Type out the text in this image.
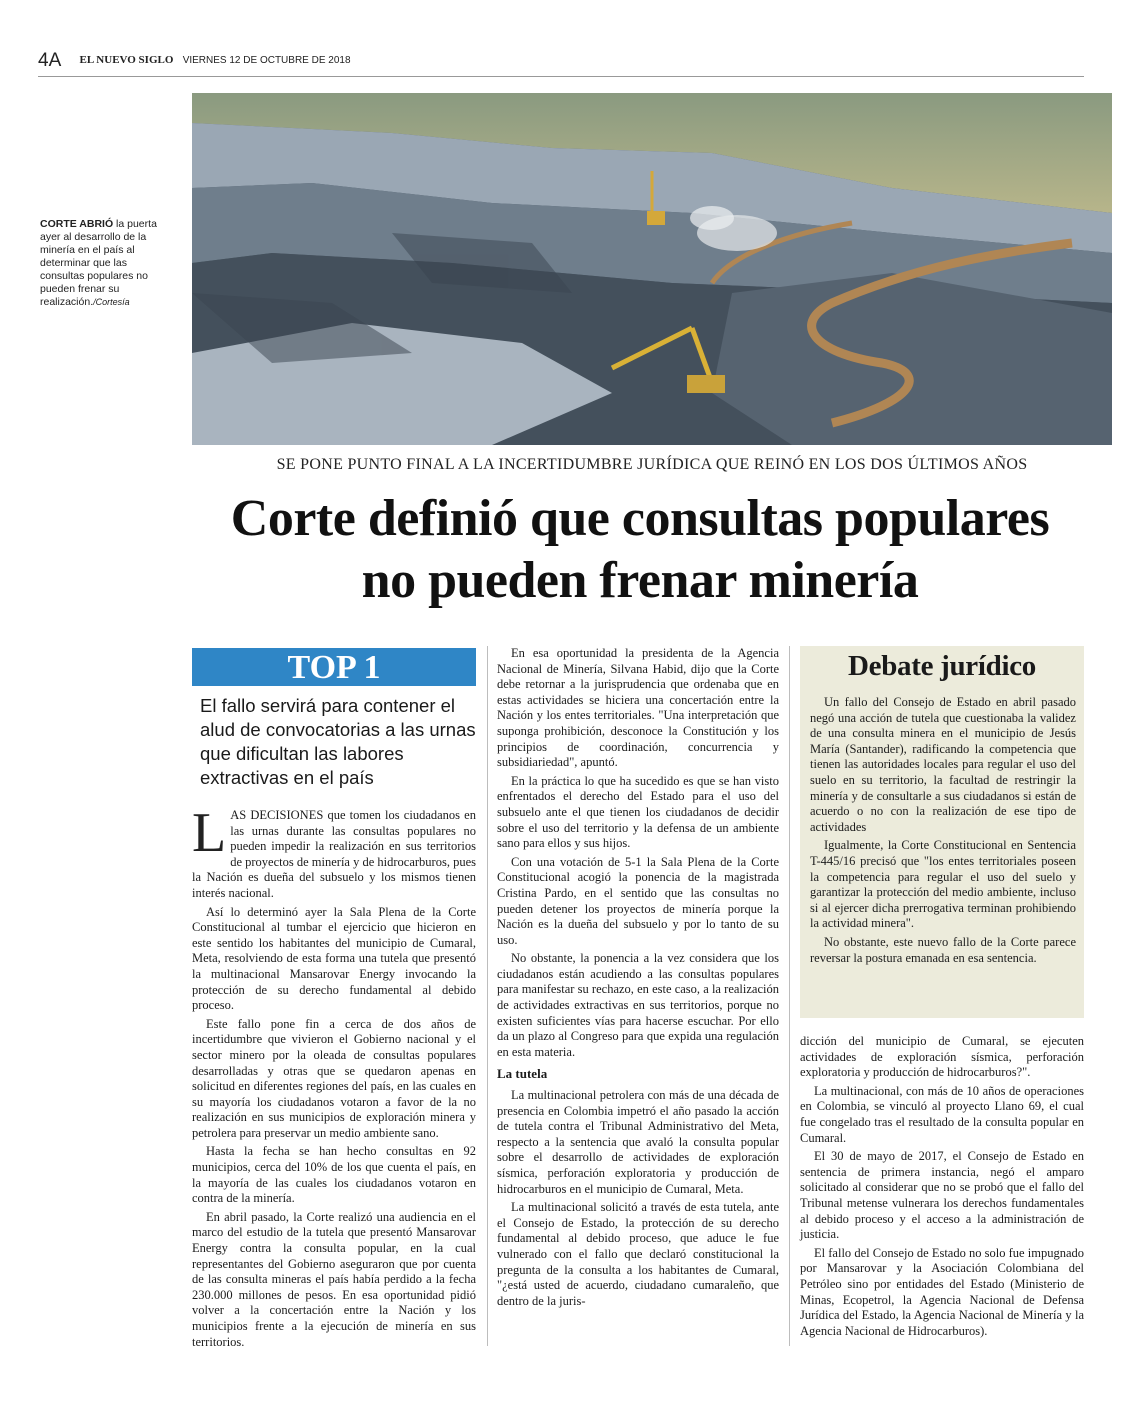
4A EL NUEVO SIGLO VIERNES 12 DE OCTUBRE DE 2018
CORTE ABRIÓ la puerta ayer al desarrollo de la minería en el país al determinar que las consultas populares no pueden frenar su realización./Cortesía
SE PONE PUNTO FINAL A LA INCERTIDUMBRE JURÍDICA QUE REINÓ EN LOS DOS ÚLTIMOS AÑOS
Corte definió que consultas populares
no pueden frenar minería
TOP 1
El fallo servirá para contener el alud de convocatorias a las urnas que dificultan las labores extractivas en el país

LAS DECISIONES que tomen los ciudadanos en las urnas durante las consultas populares no pueden impedir la realización en sus territorios de proyectos de minería y de hidrocarburos, pues la Nación es dueña del subsuelo y los mismos tienen interés nacional.

Así lo determinó ayer la Sala Plena de la Corte Constitucional al tumbar el ejercicio que hicieron en este sentido los habitantes del municipio de Cumaral, Meta, resolviendo de esta forma una tutela que presentó la multinacional Mansarovar Energy invocando la protección de su derecho fundamental al debido proceso.

Este fallo pone fin a cerca de dos años de incertidumbre que vivieron el Gobierno nacional y el sector minero por la oleada de consultas populares desarrolladas y otras que se quedaron apenas en solicitud en diferentes regiones del país, en las cuales en su mayoría los ciudadanos votaron a favor de la no realización en sus municipios de exploración minera y petrolera para preservar un medio ambiente sano.

Hasta la fecha se han hecho consultas en 92 municipios, cerca del 10% de los que cuenta el país, en la mayoría de las cuales los ciudadanos votaron en contra de la minería.

En abril pasado, la Corte realizó una audiencia en el marco del estudio de la tutela que presentó Mansarovar Energy contra la consulta popular, en la cual representantes del Gobierno aseguraron que por cuenta de las consulta mineras el país había perdido a la fecha 230.000 millones de pesos. En esa oportunidad pidió volver a la concertación entre la Nación y los municipios frente a la ejecución de minería en sus territorios.

En esa oportunidad la presidenta de la Agencia Nacional de Minería, Silvana Habid, dijo que la Corte debe retornar a la jurisprudencia que ordenaba que en estas actividades se hiciera una concertación entre la Nación y los entes territoriales. "Una interpretación que suponga prohibición, desconoce la Constitución y los principios de coordinación, concurrencia y subsidiariedad", apuntó.

En la práctica lo que ha sucedido es que se han visto enfrentados el derecho del Estado para el uso del subsuelo ante el que tienen los ciudadanos de decidir sobre el uso del territorio y la defensa de un ambiente sano para ellos y sus hijos.

Con una votación de 5-1 la Sala Plena de la Corte Constitucional acogió la ponencia de la magistrada Cristina Pardo, en el sentido que las consultas no pueden detener los proyectos de minería porque la Nación es la dueña del subsuelo y por lo tanto de su uso.

No obstante, la ponencia a la vez considera que los ciudadanos están acudiendo a las consultas populares para manifestar su rechazo, en este caso, a la realización de actividades extractivas en sus territorios, porque no existen suficientes vías para hacerse escuchar. Por ello da un plazo al Congreso para que expida una regulación en esta materia.

La tutela

La multinacional petrolera con más de una década de presencia en Colombia impetró el año pasado la acción de tutela contra el Tribunal Administrativo del Meta, respecto a la sentencia que avaló la consulta popular sobre el desarrollo de actividades de exploración sísmica, perforación exploratoria y producción de hidrocarburos en el municipio de Cumaral, Meta.

La multinacional solicitó a través de esta tutela, ante el Consejo de Estado, la protección de su derecho fundamental al debido proceso, que aduce le fue vulnerado con el fallo que declaró constitucional la pregunta de la consulta a los habitantes de Cumaral, "¿está usted de acuerdo, ciudadano cumaraleño, que dentro de la juris-

Debate jurídico

Un fallo del Consejo de Estado en abril pasado negó una acción de tutela que cuestionaba la validez de una consulta minera en el municipio de Jesús María (Santander), radificando la competencia que tienen las autoridades locales para regular el uso del suelo en su territorio, la facultad de restringir la minería y de consultarle a sus ciudadanos si están de acuerdo o no con la realización de ese tipo de actividades

Igualmente, la Corte Constitucional en Sentencia T-445/16 precisó que "los entes territoriales poseen la competencia para regular el uso del suelo y garantizar la protección del medio ambiente, incluso si al ejercer dicha prerrogativa terminan prohibiendo la actividad minera".

No obstante, este nuevo fallo de la Corte parece reversar la postura emanada en esa sentencia.

dicción del municipio de Cumaral, se ejecuten actividades de exploración sísmica, perforación exploratoria y producción de hidrocarburos?".

La multinacional, con más de 10 años de operaciones en Colombia, se vinculó al proyecto Llano 69, el cual fue congelado tras el resultado de la consulta popular en Cumaral.

El 30 de mayo de 2017, el Consejo de Estado en sentencia de primera instancia, negó el amparo solicitado al considerar que no se probó que el fallo del Tribunal metense vulnerara los derechos fundamentales al debido proceso y el acceso a la administración de justicia.

El fallo del Consejo de Estado no solo fue impugnado por Mansarovar y la Asociación Colombiana del Petróleo sino por entidades del Estado (Ministerio de Minas, Ecopetrol, la Agencia Nacional de Defensa Jurídica del Estado, la Agencia Nacional de Minería y la Agencia Nacional de Hidrocarburos).
